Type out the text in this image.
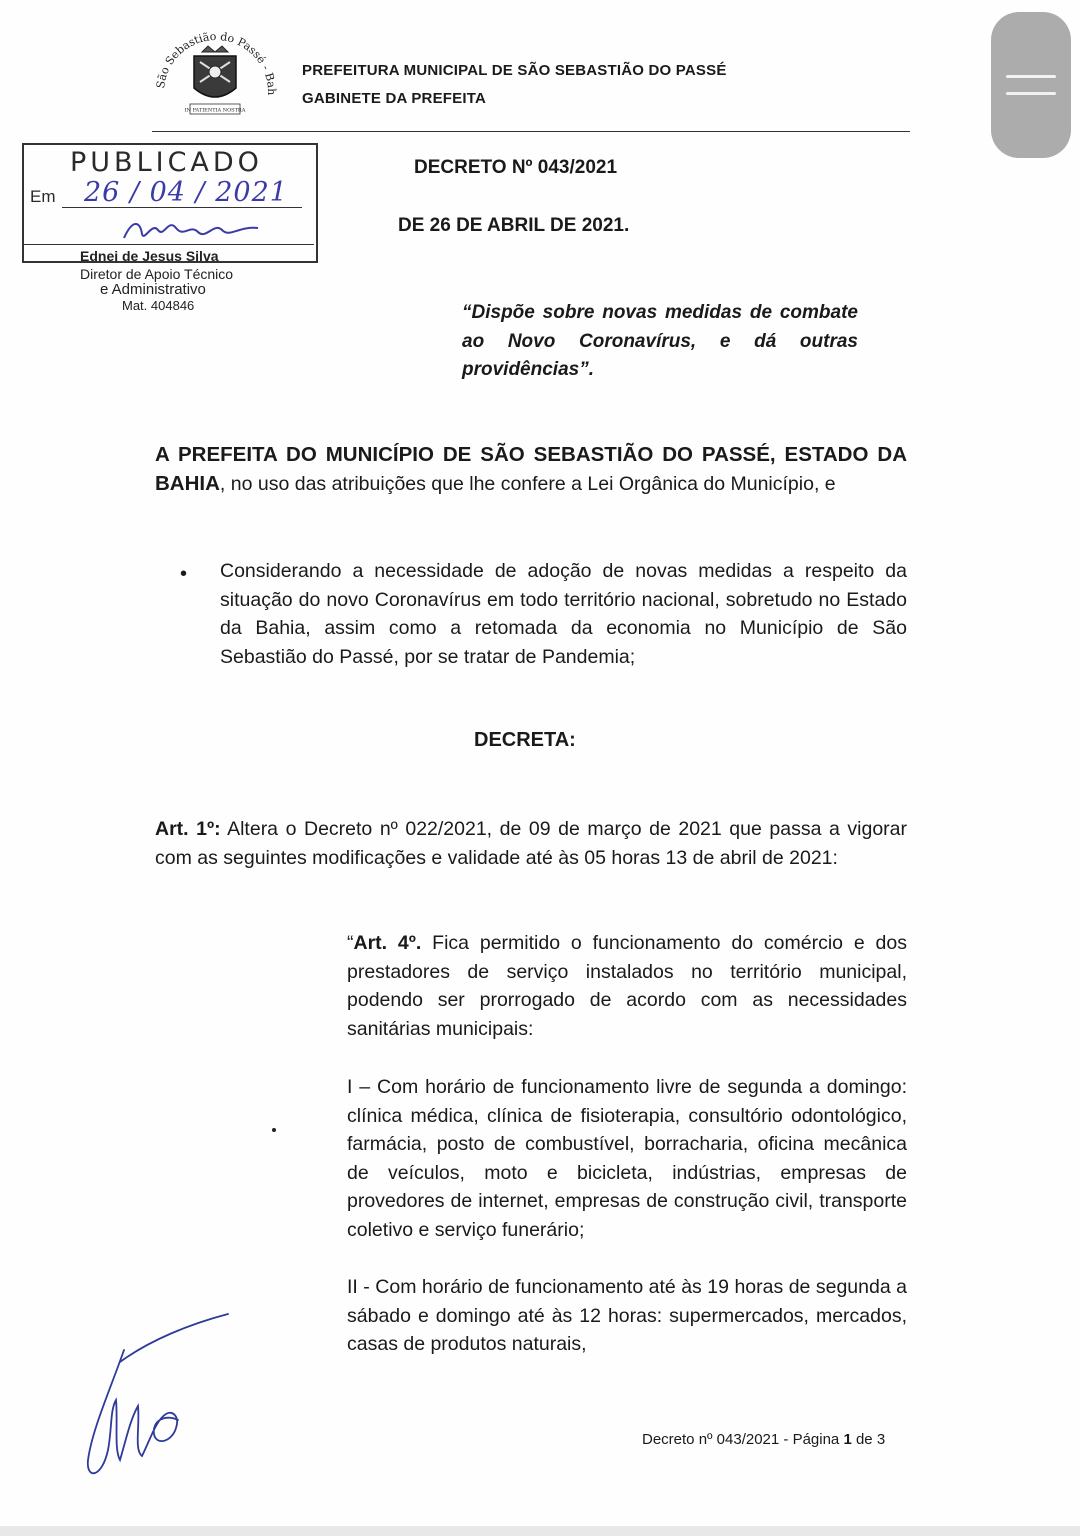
São Sebastião do Passé - Bah
IN PATIENTIA NOSTRA
PREFEITURA MUNICIPAL DE SÃO SEBASTIÃO DO PASSÉ
GABINETE DA PREFEITA
PUBLICADO
Em 26 / 04 / 2021
Ednei de Jesus Silva
Diretor de Apoio Técnico
e Administrativo
Mat. 404846
DECRETO Nº 043/2021
DE 26 DE ABRIL DE 2021.
“Dispõe sobre novas medidas de combate ao Novo Coronavírus, e dá outras providências”.
A PREFEITA DO MUNICÍPIO DE SÃO SEBASTIÃO DO PASSÉ, ESTADO DA BAHIA, no uso das atribuições que lhe confere a Lei Orgânica do Município, e
• Considerando a necessidade de adoção de novas medidas a respeito da situação do novo Coronavírus em todo território nacional, sobretudo no Estado da Bahia, assim como a retomada da economia no Município de São Sebastião do Passé, por se tratar de Pandemia;
DECRETA:
Art. 1º: Altera o Decreto nº 022/2021, de 09 de março de 2021 que passa a vigorar com as seguintes modificações e validade até às 05 horas 13 de abril de 2021:
“Art. 4º. Fica permitido o funcionamento do comércio e dos prestadores de serviço instalados no território municipal, podendo ser prorrogado de acordo com as necessidades sanitárias municipais:
I – Com horário de funcionamento livre de segunda a domingo: clínica médica, clínica de fisioterapia, consultório odontológico, farmácia, posto de combustível, borracharia, oficina mecânica de veículos, moto e bicicleta, indústrias, empresas de provedores de internet, empresas de construção civil, transporte coletivo e serviço funerário;
II - Com horário de funcionamento até às 19 horas de segunda a sábado e domingo até às 12 horas: supermercados, mercados, casas de produtos naturais,
Decreto nº 043/2021 - Página 1 de 3
